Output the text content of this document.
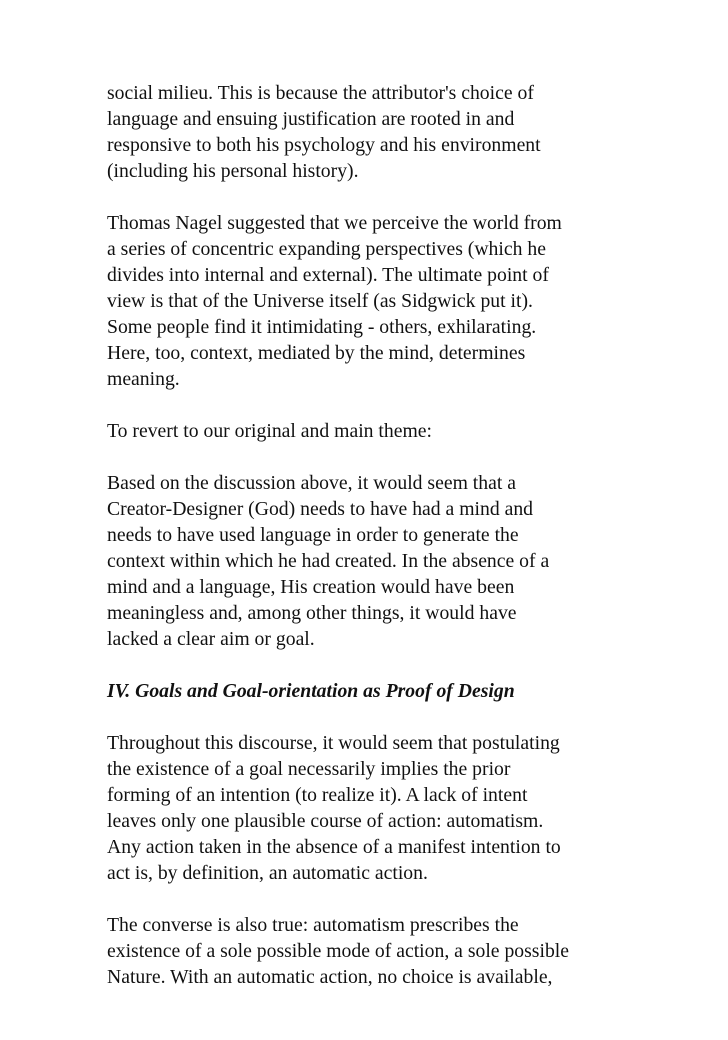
social milieu. This is because the attributor's choice of
language and ensuing justification are rooted in and
responsive to both his psychology and his environment
(including his personal history).

Thomas Nagel suggested that we perceive the world from
a series of concentric expanding perspectives (which he
divides into internal and external). The ultimate point of
view is that of the Universe itself (as Sidgwick put it).
Some people find it intimidating - others, exhilarating.
Here, too, context, mediated by the mind, determines
meaning.

To revert to our original and main theme:

Based on the discussion above, it would seem that a
Creator-Designer (God) needs to have had a mind and
needs to have used language in order to generate the
context within which he had created. In the absence of a
mind and a language, His creation would have been
meaningless and, among other things, it would have
lacked a clear aim or goal.

IV. Goals and Goal-orientation as Proof of Design

Throughout this discourse, it would seem that postulating
the existence of a goal necessarily implies the prior
forming of an intention (to realize it). A lack of intent
leaves only one plausible course of action: automatism.
Any action taken in the absence of a manifest intention to
act is, by definition, an automatic action.

The converse is also true: automatism prescribes the
existence of a sole possible mode of action, a sole possible
Nature. With an automatic action, no choice is available,
